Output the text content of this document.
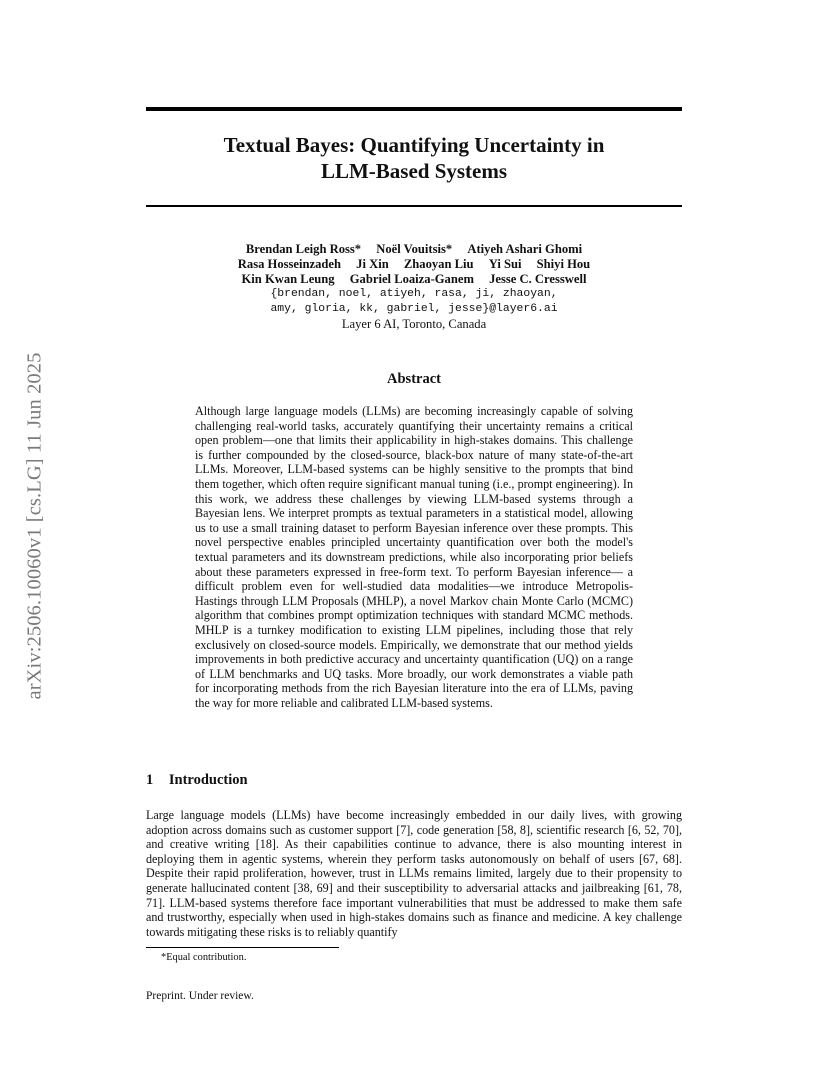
arXiv:2506.10060v1 [cs.LG] 11 Jun 2025
Textual Bayes: Quantifying Uncertainty in
LLM-Based Systems
Brendan Leigh Ross* Noël Vouitsis* Atiyeh Ashari Ghomi
Rasa Hosseinzadeh Ji Xin Zhaoyan Liu Yi Sui Shiyi Hou
Kin Kwan Leung Gabriel Loaiza-Ganem Jesse C. Cresswell
{brendan, noel, atiyeh, rasa, ji, zhaoyan,
amy, gloria, kk, gabriel, jesse}@layer6.ai
Layer 6 AI, Toronto, Canada
Abstract

Although large language models (LLMs) are becoming increasingly capable of solving challenging real-world tasks, accurately quantifying their uncertainty remains a critical open problem—one that limits their applicability in high-stakes domains. This challenge is further compounded by the closed-source, black-box nature of many state-of-the-art LLMs. Moreover, LLM-based systems can be highly sensitive to the prompts that bind them together, which often require significant manual tuning (i.e., prompt engineering). In this work, we address these challenges by viewing LLM-based systems through a Bayesian lens. We interpret prompts as textual parameters in a statistical model, allowing us to use a small training dataset to perform Bayesian inference over these prompts. This novel perspective enables principled uncertainty quantification over both the model's textual parameters and its downstream predictions, while also incorporating prior beliefs about these parameters expressed in free-form text. To perform Bayesian inference— a difficult problem even for well-studied data modalities—we introduce Metropolis-Hastings through LLM Proposals (MHLP), a novel Markov chain Monte Carlo (MCMC) algorithm that combines prompt optimization techniques with standard MCMC methods. MHLP is a turnkey modification to existing LLM pipelines, including those that rely exclusively on closed-source models. Empirically, we demonstrate that our method yields improvements in both predictive accuracy and uncertainty quantification (UQ) on a range of LLM benchmarks and UQ tasks. More broadly, our work demonstrates a viable path for incorporating methods from the rich Bayesian literature into the era of LLMs, paving the way for more reliable and calibrated LLM-based systems.

1 Introduction

Large language models (LLMs) have become increasingly embedded in our daily lives, with growing adoption across domains such as customer support [7], code generation [58, 8], scientific research [6, 52, 70], and creative writing [18]. As their capabilities continue to advance, there is also mounting interest in deploying them in agentic systems, wherein they perform tasks autonomously on behalf of users [67, 68]. Despite their rapid proliferation, however, trust in LLMs remains limited, largely due to their propensity to generate hallucinated content [38, 69] and their susceptibility to adversarial attacks and jailbreaking [61, 78, 71]. LLM-based systems therefore face important vulnerabilities that must be addressed to make them safe and trustworthy, especially when used in high-stakes domains such as finance and medicine. A key challenge towards mitigating these risks is to reliably quantify

*Equal contribution.

Preprint. Under review.
